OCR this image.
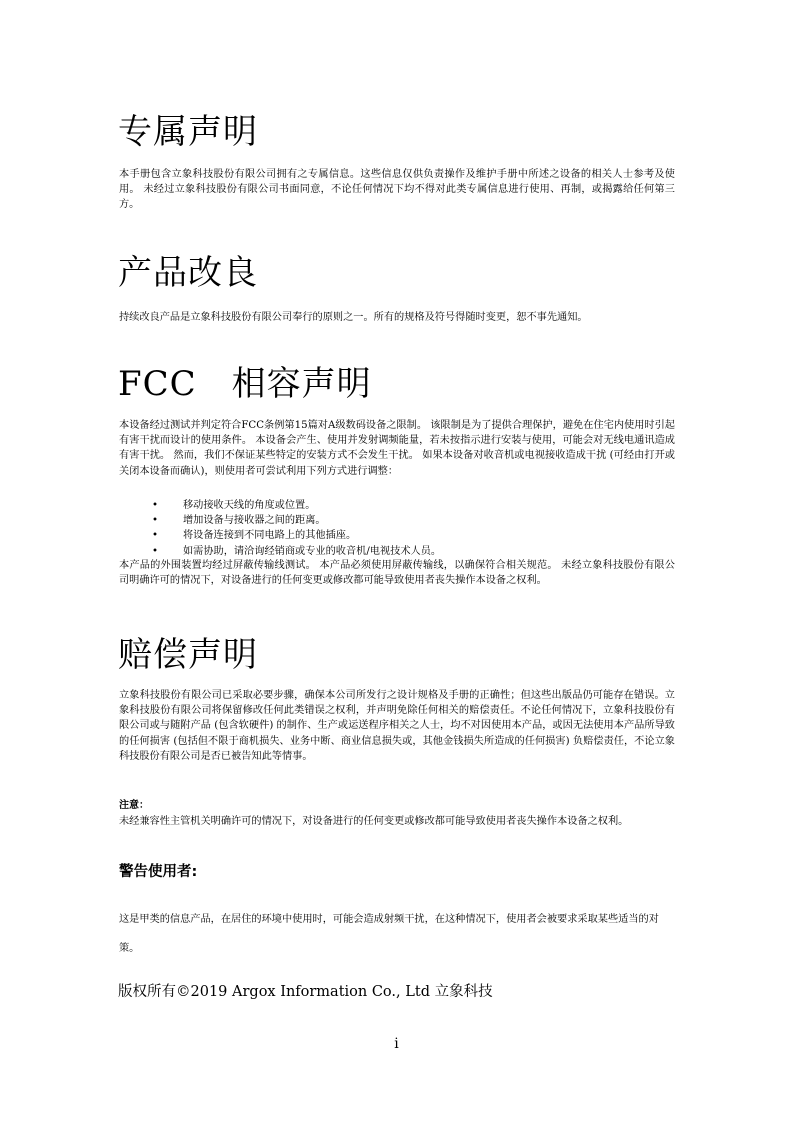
专属声明

本手册包含立象科技股份有限公司拥有之专属信息。这些信息仅供负责操作及维护手册中所述之设备的相关人士参考及使用。 未经过立象科技股份有限公司书面同意，不论任何情况下均不得对此类专属信息进行使用、再制，或揭露给任何第三方。

产品改良

持续改良产品是立象科技股份有限公司奉行的原则之一。所有的规格及符号得随时变更，恕不事先通知。

FCC　相容声明

本设备经过测试并判定符合FCC条例第15篇对A级数码设备之限制。 该限制是为了提供合理保护，避免在住宅内使用时引起有害干扰而设计的使用条件。 本设备会产生、使用并发射调频能量，若未按指示进行安装与使用，可能会对无线电通讯造成有害干扰。 然而，我们不保证某些特定的安装方式不会发生干扰。 如果本设备对收音机或电视接收造成干扰 (可经由打开或关闭本设备而确认)，则使用者可尝试利用下列方式进行调整：

• 移动接收天线的角度或位置。
• 增加设备与接收器之间的距离。
• 将设备连接到不同电路上的其他插座。
• 如需协助，请洽询经销商或专业的收音机/电视技术人员。

本产品的外围装置均经过屏蔽传输线测试。 本产品必须使用屏蔽传输线，以确保符合相关规范。 未经立象科技股份有限公司明确许可的情况下，对设备进行的任何变更或修改都可能导致使用者丧失操作本设备之权利。

赔偿声明

立象科技股份有限公司已采取必要步骤，确保本公司所发行之设计规格及手册的正确性；但这些出版品仍可能存在错误。立象科技股份有限公司将保留修改任何此类错误之权利，并声明免除任何相关的赔偿责任。不论任何情况下，立象科技股份有限公司或与随附产品 (包含软硬件) 的制作、生产或运送程序相关之人士，均不对因使用本产品，或因无法使用本产品所导致的任何损害 (包括但不限于商机损失、业务中断、商业信息损失或，其他金钱损失所造成的任何损害) 负赔偿责任，不论立象科技股份有限公司是否已被告知此等情事。

注意：

未经兼容性主管机关明确许可的情况下，对设备进行的任何变更或修改都可能导致使用者丧失操作本设备之权利。

警告使用者:

这是甲类的信息产品，在居住的环境中使用时，可能会造成射频干扰，在这种情况下，使用者会被要求采取某些适当的对策。

版权所有©2019 Argox Information Co., Ltd 立象科技

i
